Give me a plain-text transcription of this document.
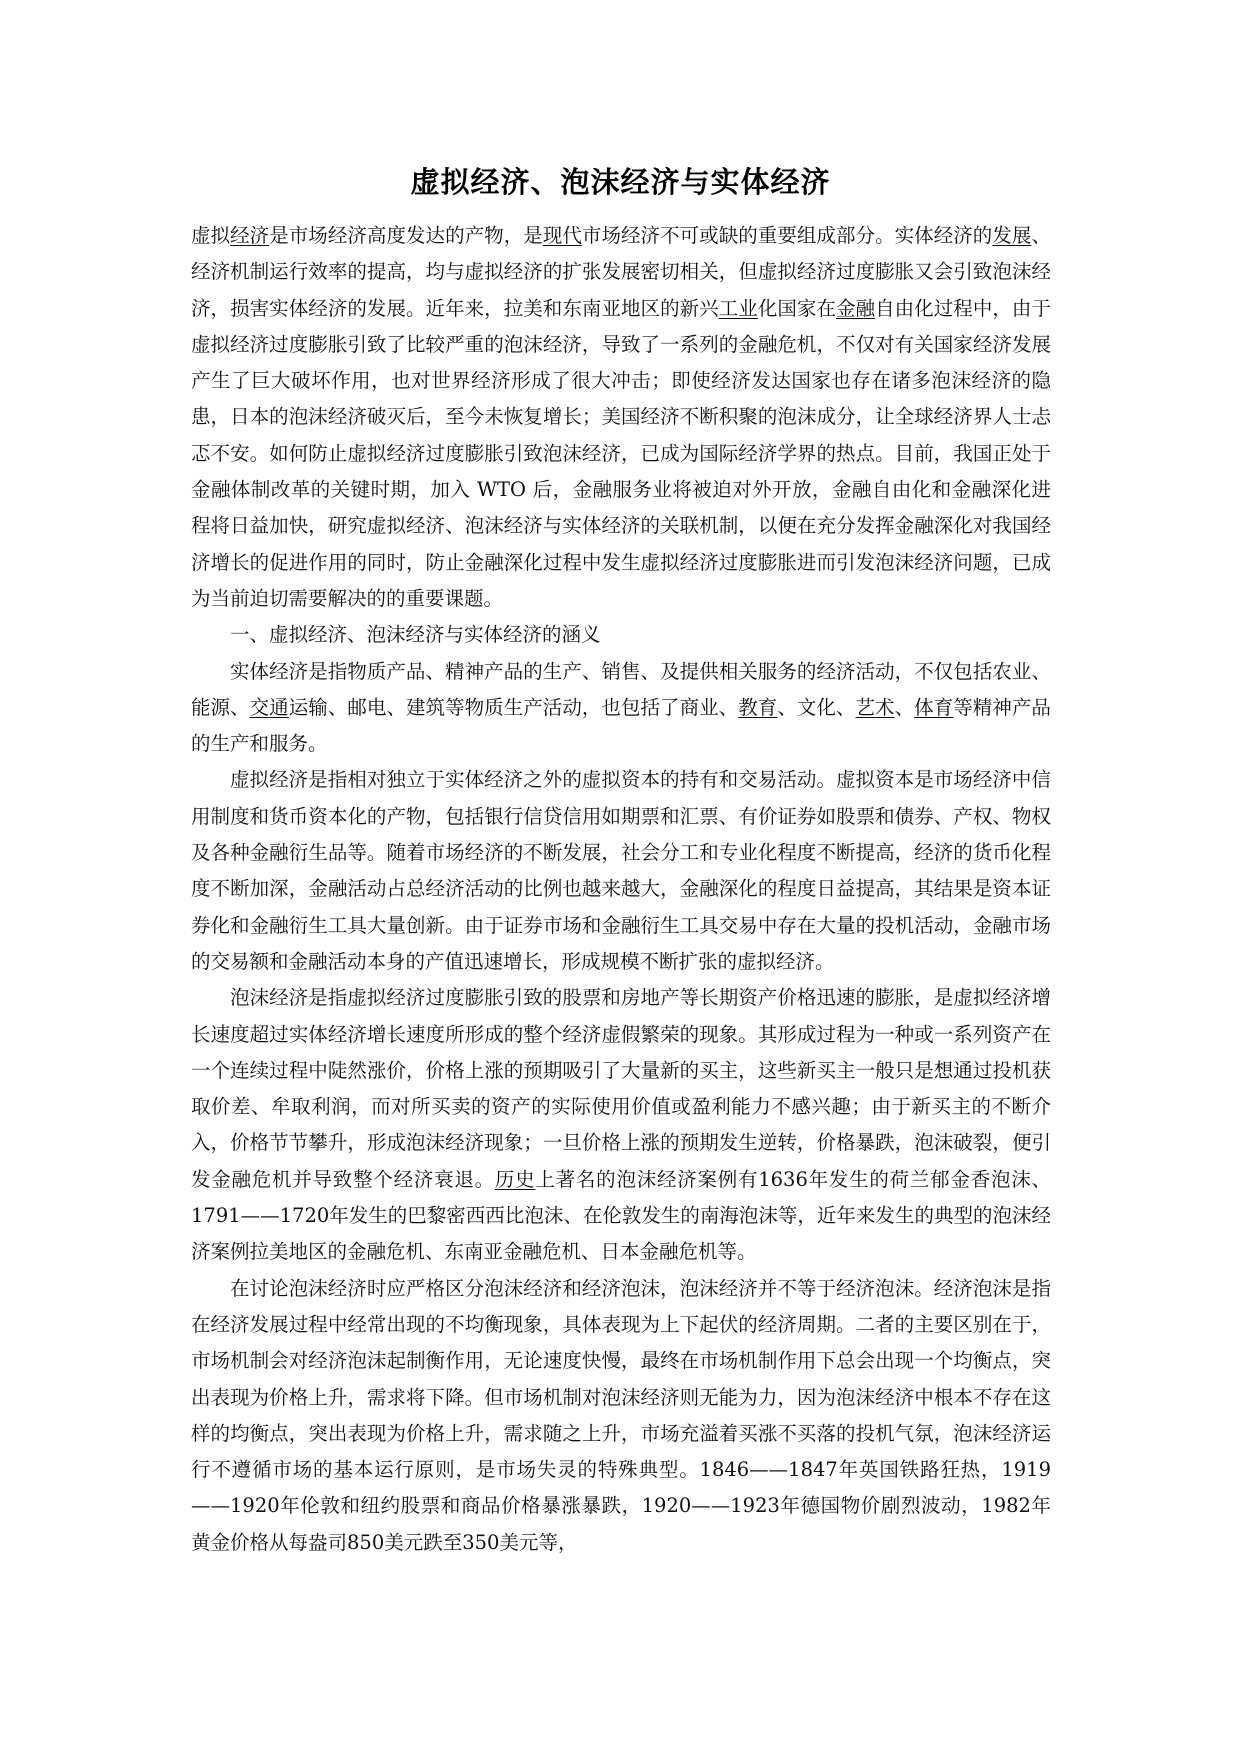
虚拟经济、泡沫经济与实体经济

虚拟经济是市场经济高度发达的产物，是现代市场经济不可或缺的重要组成部分。实体经济的发展、经济机制运行效率的提高，均与虚拟经济的扩张发展密切相关，但虚拟经济过度膨胀又会引致泡沫经济，损害实体经济的发展。近年来，拉美和东南亚地区的新兴工业化国家在金融自由化过程中，由于虚拟经济过度膨胀引致了比较严重的泡沫经济，导致了一系列的金融危机，不仅对有关国家经济发展产生了巨大破坏作用，也对世界经济形成了很大冲击；即使经济发达国家也存在诸多泡沫经济的隐患，日本的泡沫经济破灭后，至今未恢复增长；美国经济不断积聚的泡沫成分，让全球经济界人士忐忑不安。如何防止虚拟经济过度膨胀引致泡沫经济，已成为国际经济学界的热点。目前，我国正处于金融体制改革的关键时期，加入 WTO 后，金融服务业将被迫对外开放，金融自由化和金融深化进程将日益加快，研究虚拟经济、泡沫经济与实体经济的关联机制，以便在充分发挥金融深化对我国经济增长的促进作用的同时，防止金融深化过程中发生虚拟经济过度膨胀进而引发泡沫经济问题，已成为当前迫切需要解决的的重要课题。

一、虚拟经济、泡沫经济与实体经济的涵义

实体经济是指物质产品、精神产品的生产、销售、及提供相关服务的经济活动，不仅包括农业、能源、交通运输、邮电、建筑等物质生产活动，也包括了商业、教育、文化、艺术、体育等精神产品的生产和服务。

虚拟经济是指相对独立于实体经济之外的虚拟资本的持有和交易活动。虚拟资本是市场经济中信用制度和货币资本化的产物，包括银行信贷信用如期票和汇票、有价证券如股票和债券、产权、物权及各种金融衍生品等。随着市场经济的不断发展，社会分工和专业化程度不断提高，经济的货币化程度不断加深，金融活动占总经济活动的比例也越来越大，金融深化的程度日益提高，其结果是资本证券化和金融衍生工具大量创新。由于证券市场和金融衍生工具交易中存在大量的投机活动，金融市场的交易额和金融活动本身的产值迅速增长，形成规模不断扩张的虚拟经济。

泡沫经济是指虚拟经济过度膨胀引致的股票和房地产等长期资产价格迅速的膨胀，是虚拟经济增长速度超过实体经济增长速度所形成的整个经济虚假繁荣的现象。其形成过程为一种或一系列资产在一个连续过程中陡然涨价，价格上涨的预期吸引了大量新的买主，这些新买主一般只是想通过投机获取价差、牟取利润，而对所买卖的资产的实际使用价值或盈利能力不感兴趣；由于新买主的不断介入，价格节节攀升，形成泡沫经济现象；一旦价格上涨的预期发生逆转，价格暴跌，泡沫破裂，便引发金融危机并导致整个经济衰退。历史上著名的泡沫经济案例有1636年发生的荷兰郁金香泡沫、1791——1720年发生的巴黎密西西比泡沫、在伦敦发生的南海泡沫等，近年来发生的典型的泡沫经济案例拉美地区的金融危机、东南亚金融危机、日本金融危机等。

在讨论泡沫经济时应严格区分泡沫经济和经济泡沫，泡沫经济并不等于经济泡沫。经济泡沫是指在经济发展过程中经常出现的不均衡现象，具体表现为上下起伏的经济周期。二者的主要区别在于，市场机制会对经济泡沫起制衡作用，无论速度快慢，最终在市场机制作用下总会出现一个均衡点，突出表现为价格上升，需求将下降。但市场机制对泡沫经济则无能为力，因为泡沫经济中根本不存在这样的均衡点，突出表现为价格上升，需求随之上升，市场充溢着买涨不买落的投机气氛，泡沫经济运行不遵循市场的基本运行原则，是市场失灵的特殊典型。1846——1847年英国铁路狂热，1919——1920年伦敦和纽约股票和商品价格暴涨暴跌，1920——1923年德国物价剧烈波动，1982年黄金价格从每盎司850美元跌至350美元等，
